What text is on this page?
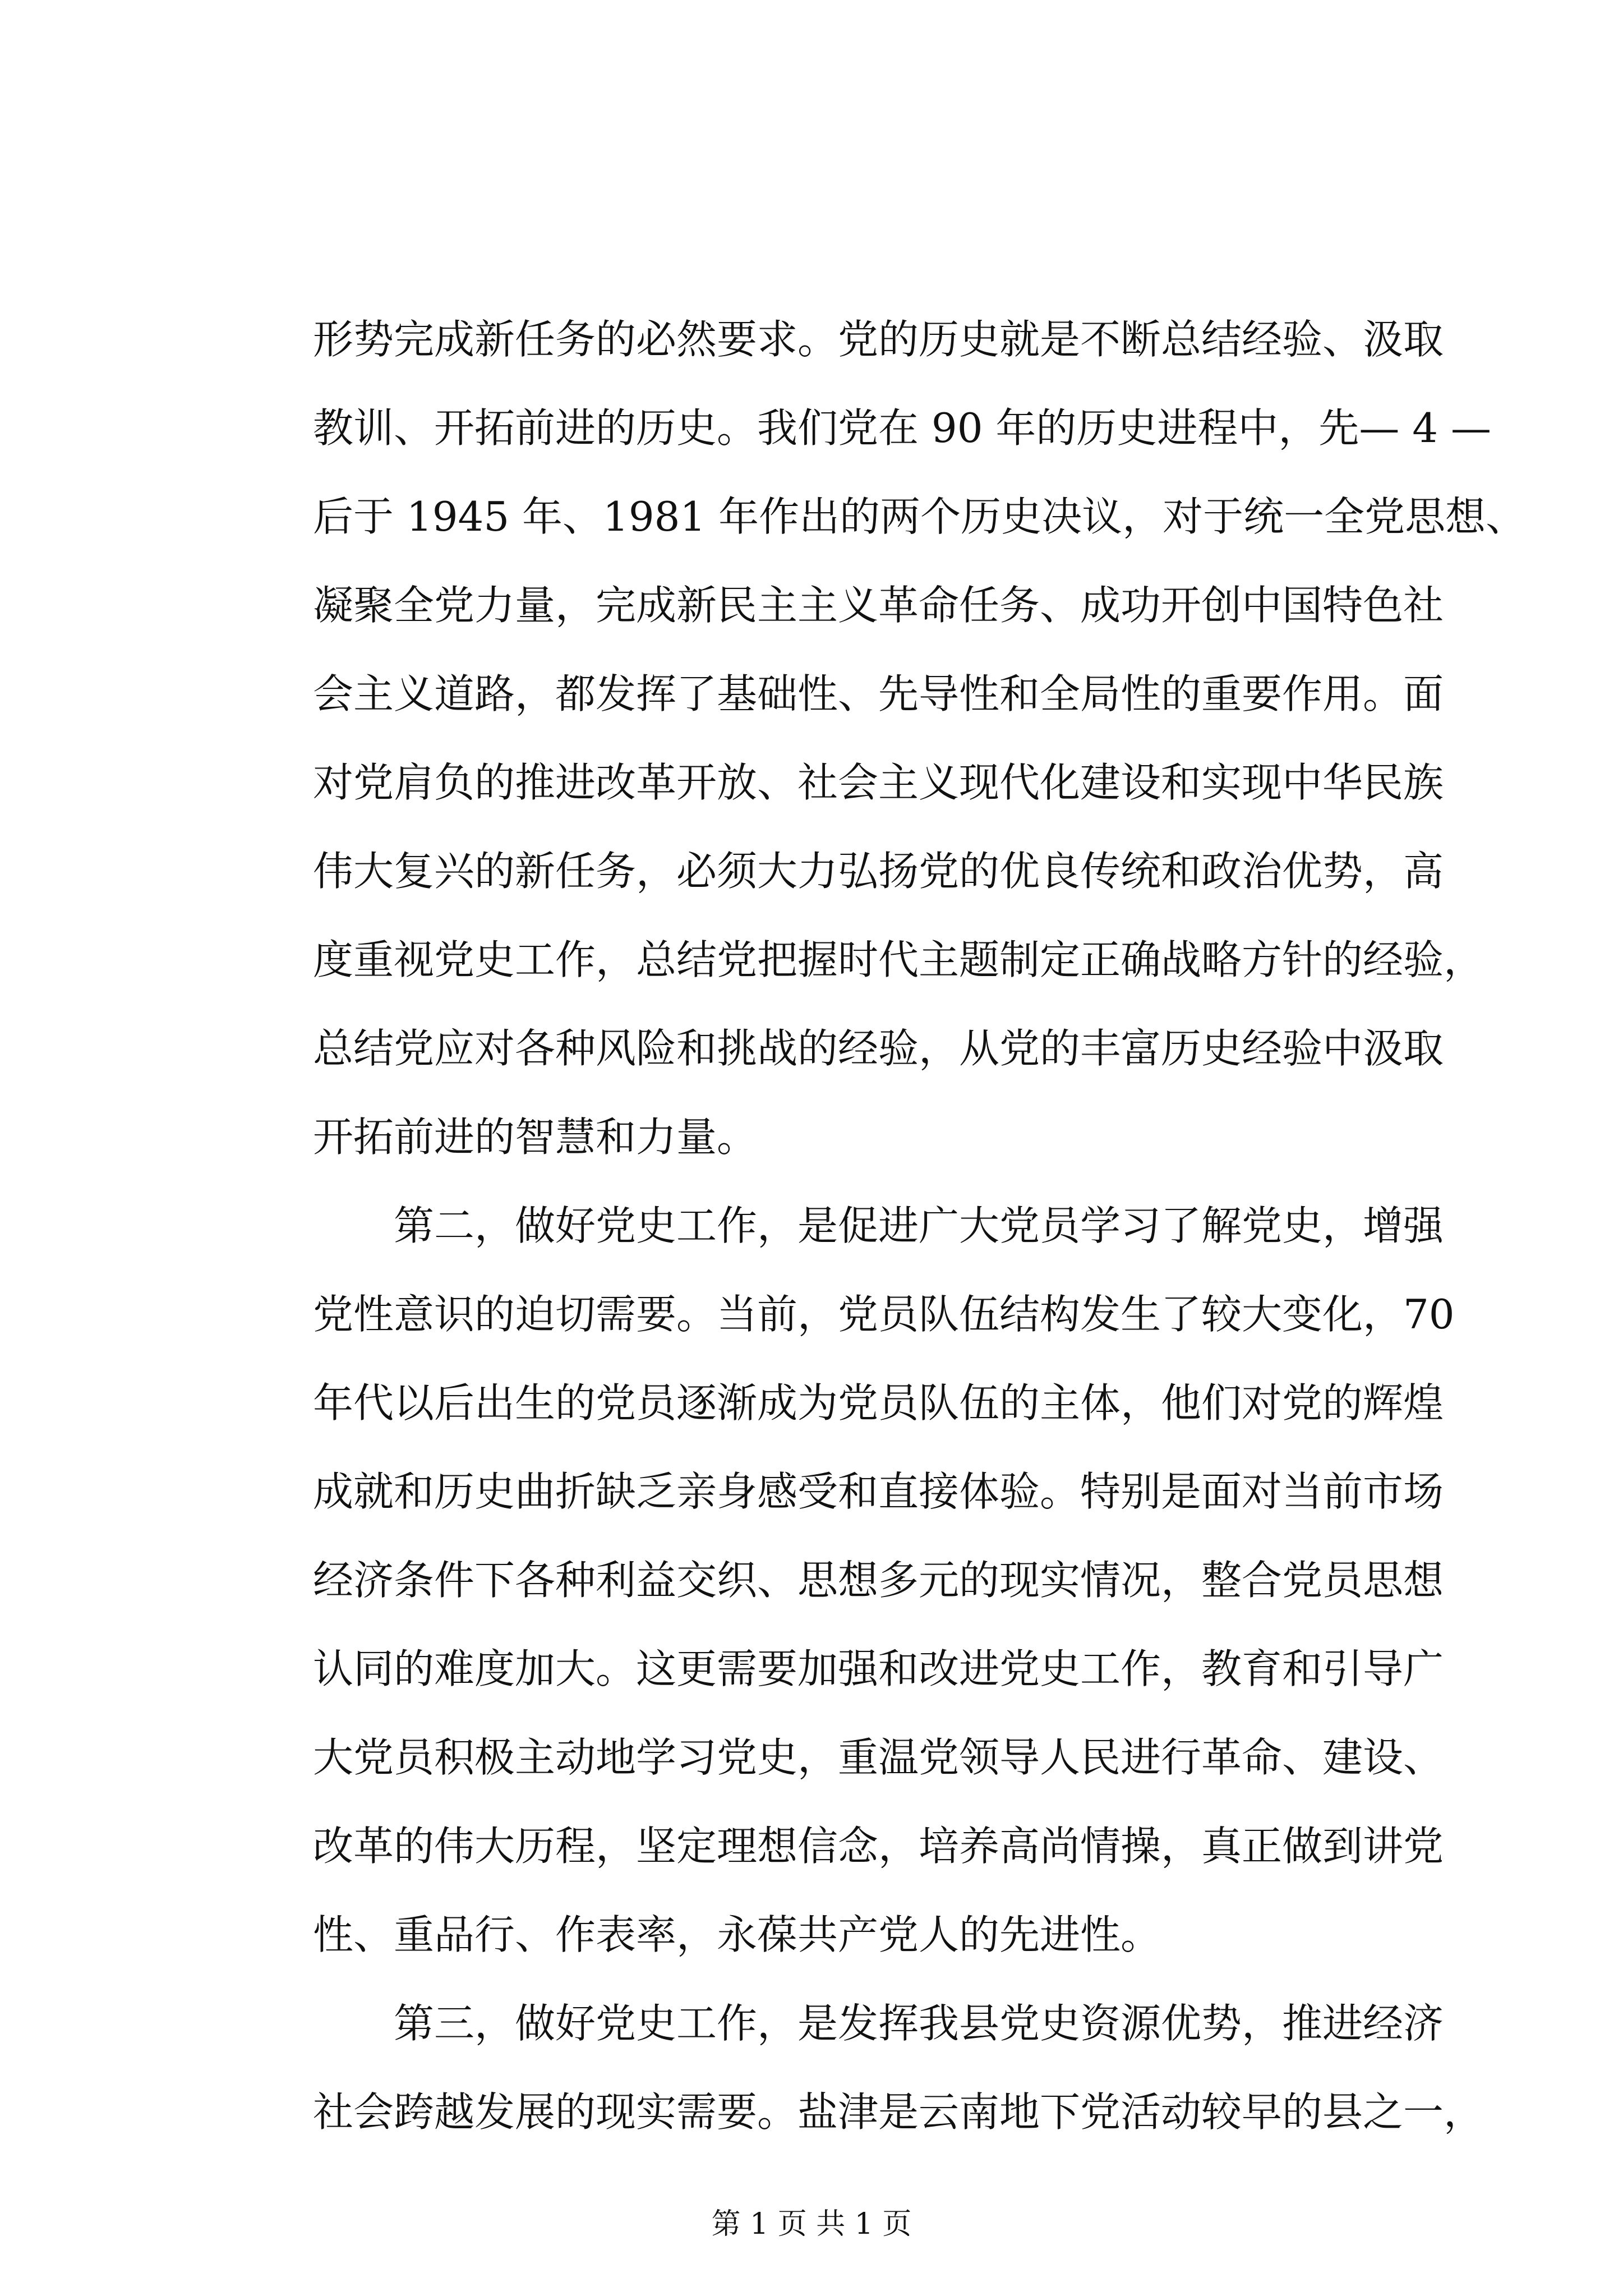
形势完成新任务的必然要求。党的历史就是不断总结经验、汲取
教训、开拓前进的历史。我们党在 90 年的历史进程中，先— 4 —
后于 1945 年、1981 年作出的两个历史决议，对于统一全党思想、
凝聚全党力量，完成新民主主义革命任务、成功开创中国特色社
会主义道路，都发挥了基础性、先导性和全局性的重要作用。面
对党肩负的推进改革开放、社会主义现代化建设和实现中华民族
伟大复兴的新任务，必须大力弘扬党的优良传统和政治优势，高
度重视党史工作，总结党把握时代主题制定正确战略方针的经验，
总结党应对各种风险和挑战的经验，从党的丰富历史经验中汲取
开拓前进的智慧和力量。
　　第二，做好党史工作，是促进广大党员学习了解党史，增强
党性意识的迫切需要。当前，党员队伍结构发生了较大变化，70
年代以后出生的党员逐渐成为党员队伍的主体，他们对党的辉煌
成就和历史曲折缺乏亲身感受和直接体验。特别是面对当前市场
经济条件下各种利益交织、思想多元的现实情况，整合党员思想
认同的难度加大。这更需要加强和改进党史工作，教育和引导广
大党员积极主动地学习党史，重温党领导人民进行革命、建设、
改革的伟大历程，坚定理想信念，培养高尚情操，真正做到讲党
性、重品行、作表率，永葆共产党人的先进性。
　　第三，做好党史工作，是发挥我县党史资源优势，推进经济
社会跨越发展的现实需要。盐津是云南地下党活动较早的县之一，
第 1 页 共 1 页
